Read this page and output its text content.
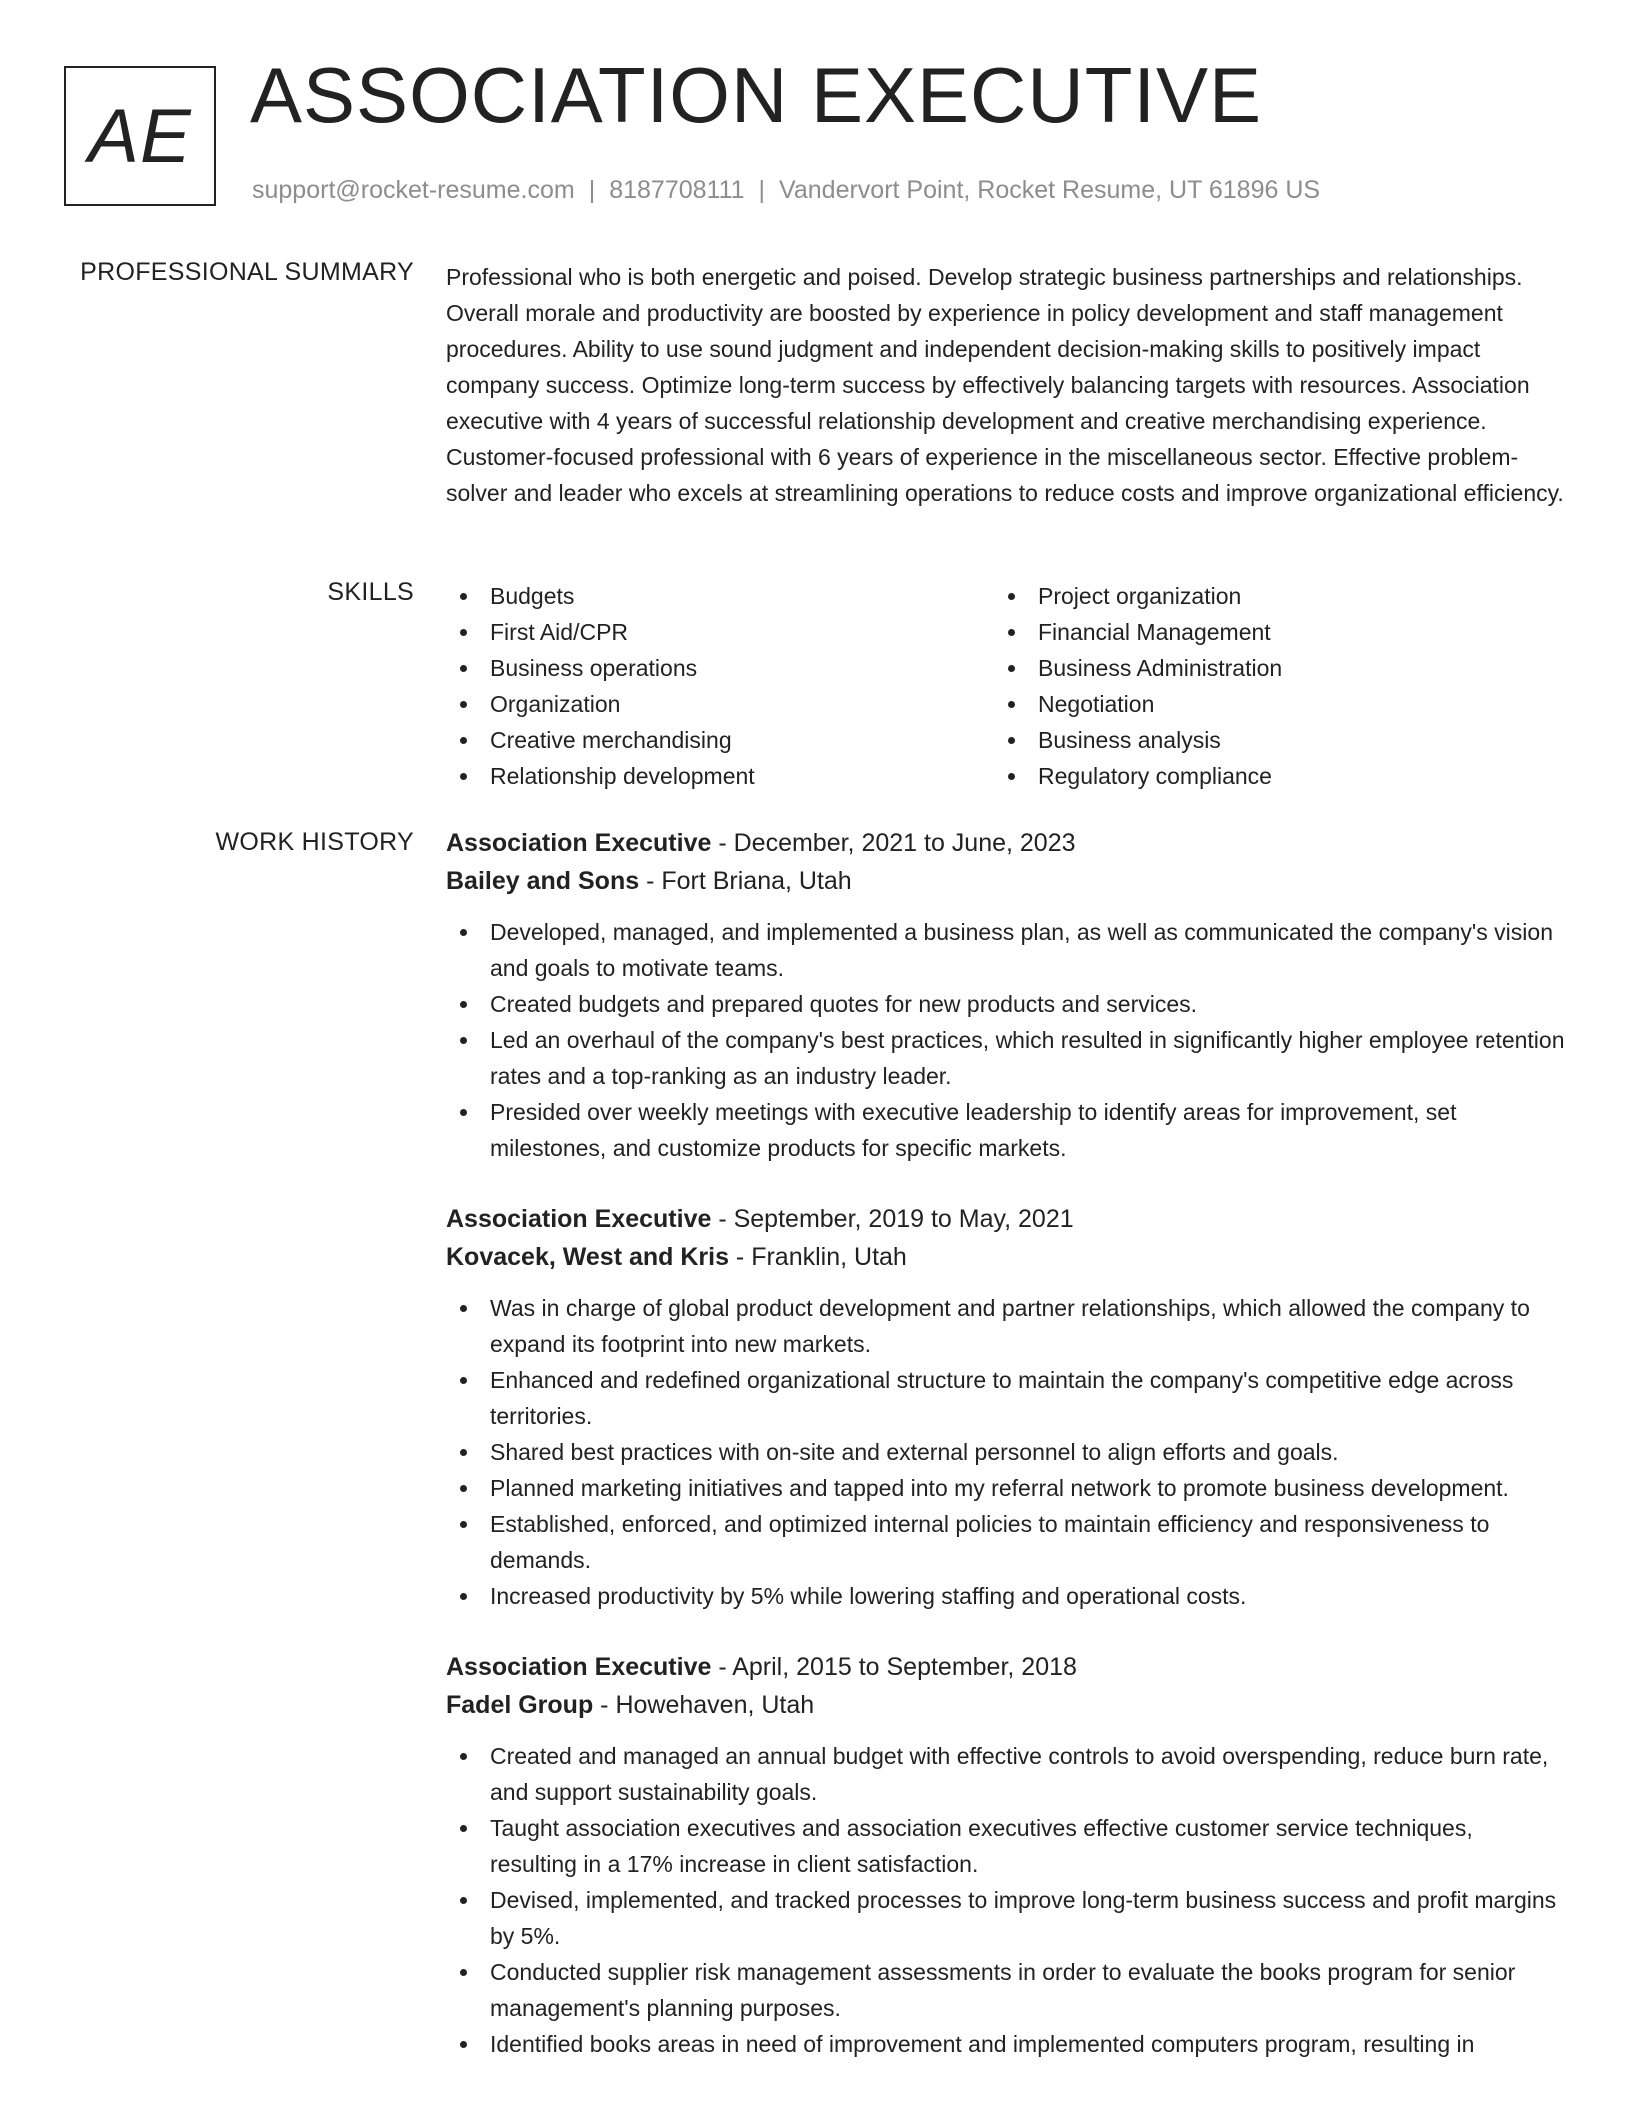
AE ASSOCIATION EXECUTIVE
support@rocket-resume.com | 8187708111 | Vandervort Point, Rocket Resume, UT 61896 US
PROFESSIONAL SUMMARY Professional who is both energetic and poised. Develop strategic business partnerships and relationships. Overall morale and productivity are boosted by experience in policy development and staff management procedures. Ability to use sound judgment and independent decision-making skills to positively impact company success. Optimize long-term success by effectively balancing targets with resources. Association executive with 4 years of successful relationship development and creative merchandising experience. Customer-focused professional with 6 years of experience in the miscellaneous sector. Effective problem-solver and leader who excels at streamlining operations to reduce costs and improve organizational efficiency.

SKILLS	Budgets
First Aid/CPR
Business operations
Organization
Creative merchandising
Relationship development
Project organization
Financial Management
Business Administration
Negotiation
Business analysis
Regulatory compliance
WORK HISTORY Association Executive - December, 2021 to June, 2023
Bailey and Sons - Fort Briana, Utah
Developed, managed, and implemented a business plan, as well as communicated the company's vision and goals to motivate teams.
Created budgets and prepared quotes for new products and services.
Led an overhaul of the company's best practices, which resulted in significantly higher employee retention rates and a top-ranking as an industry leader.
Presided over weekly meetings with executive leadership to identify areas for improvement, set milestones, and customize products for specific markets.
Association Executive - September, 2019 to May, 2021
Kovacek, West and Kris - Franklin, Utah
Was in charge of global product development and partner relationships, which allowed the company to expand its footprint into new markets.
Enhanced and redefined organizational structure to maintain the company's competitive edge across territories.
Shared best practices with on-site and external personnel to align efforts and goals.
Planned marketing initiatives and tapped into my referral network to promote business development.
Established, enforced, and optimized internal policies to maintain efficiency and responsiveness to demands.
Increased productivity by 5% while lowering staffing and operational costs.
Association Executive - April, 2015 to September, 2018
Fadel Group - Howehaven, Utah
Created and managed an annual budget with effective controls to avoid overspending, reduce burn rate, and support sustainability goals.
Taught association executives and association executives effective customer service techniques, resulting in a 17% increase in client satisfaction.
Devised, implemented, and tracked processes to improve long-term business success and profit margins by 5%.
Conducted supplier risk management assessments in order to evaluate the books program for senior management's planning purposes.
Identified books areas in need of improvement and implemented computers program, resulting in
